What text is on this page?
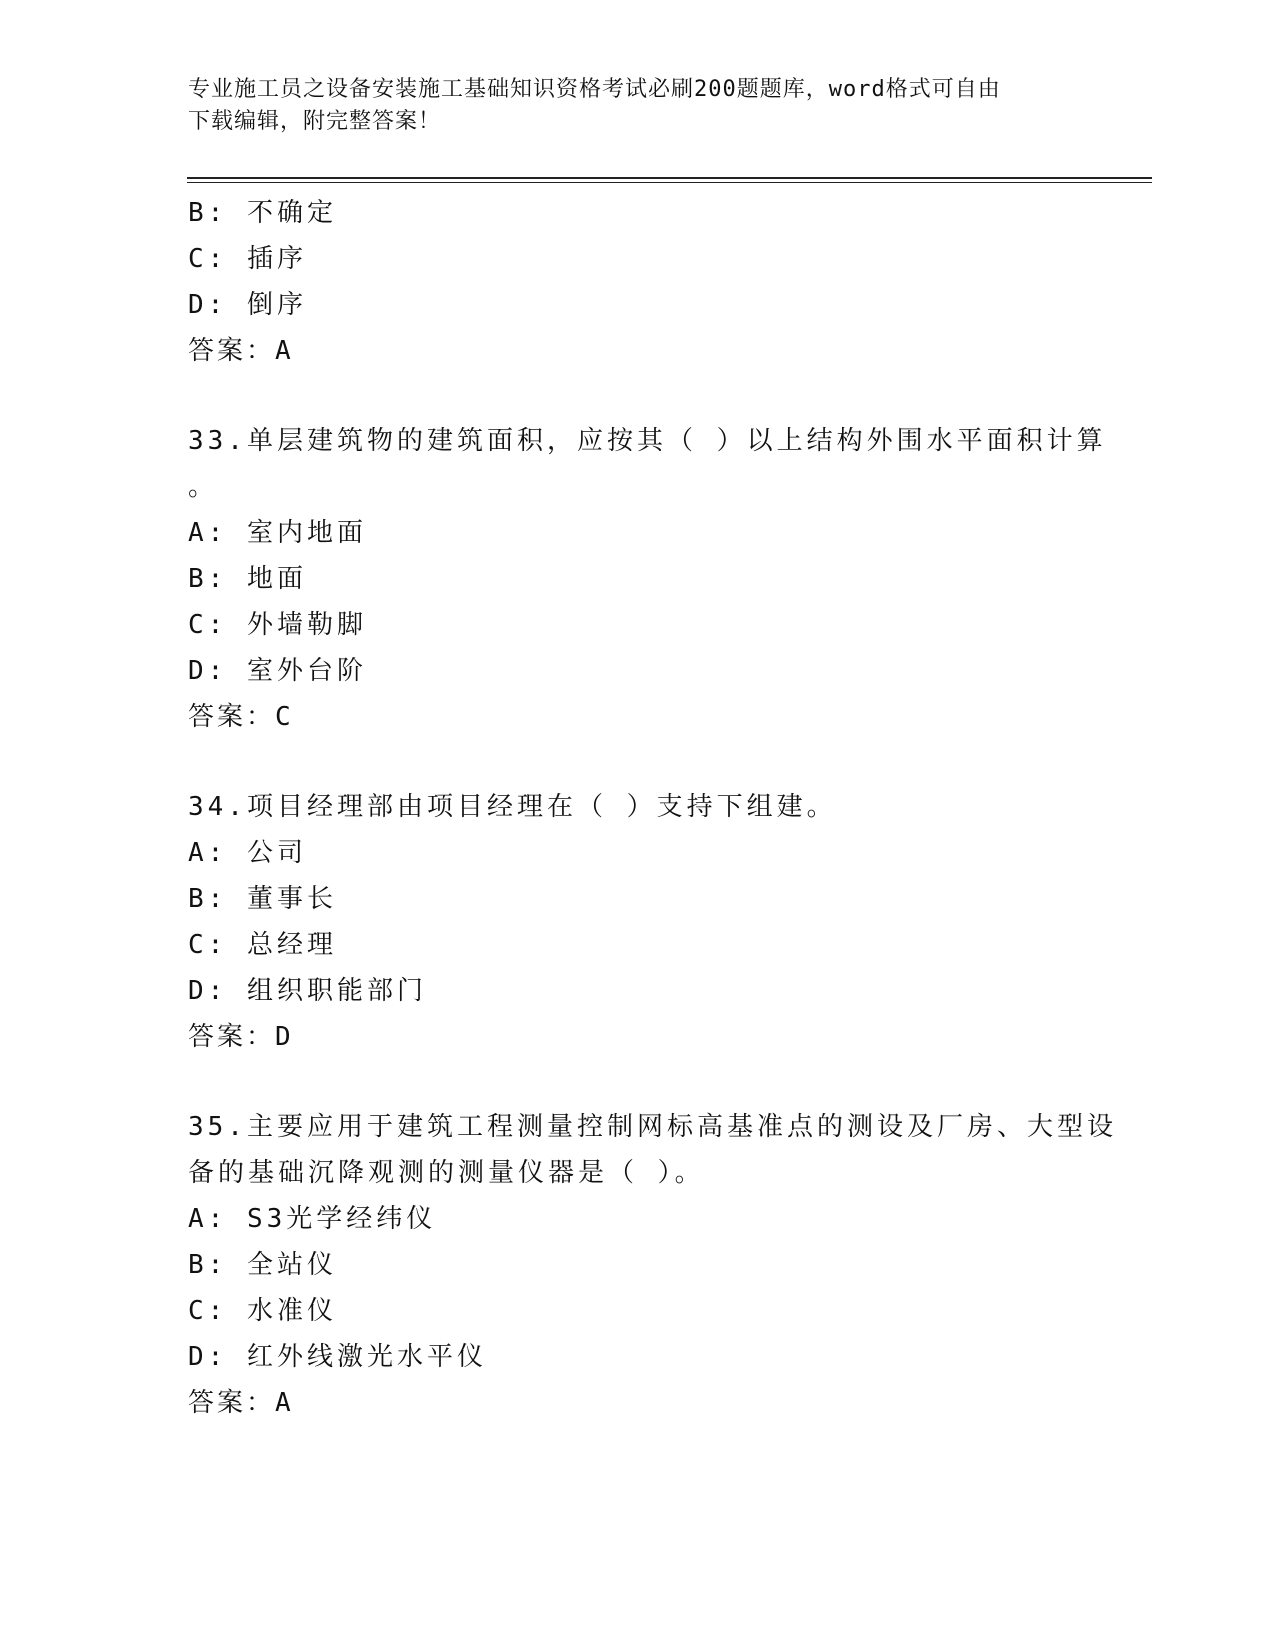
专业施工员之设备安装施工基础知识资格考试必刷200题题库，word格式可自由
下载编辑，附完整答案！
B: 不确定
C: 插序
D: 倒序
答案：A
33.单层建筑物的建筑面积，应按其（ ）以上结构外围水平面积计算
。
A: 室内地面
B: 地面
C: 外墙勒脚
D: 室外台阶
答案：C
34.项目经理部由项目经理在（ ）支持下组建。
A: 公司
B: 董事长
C: 总经理
D: 组织职能部门
答案：D
35.主要应用于建筑工程测量控制网标高基准点的测设及厂房、大型设
备的基础沉降观测的测量仪器是（ ）。
A: S3光学经纬仪
B: 全站仪
C: 水准仪
D: 红外线激光水平仪
答案：A
